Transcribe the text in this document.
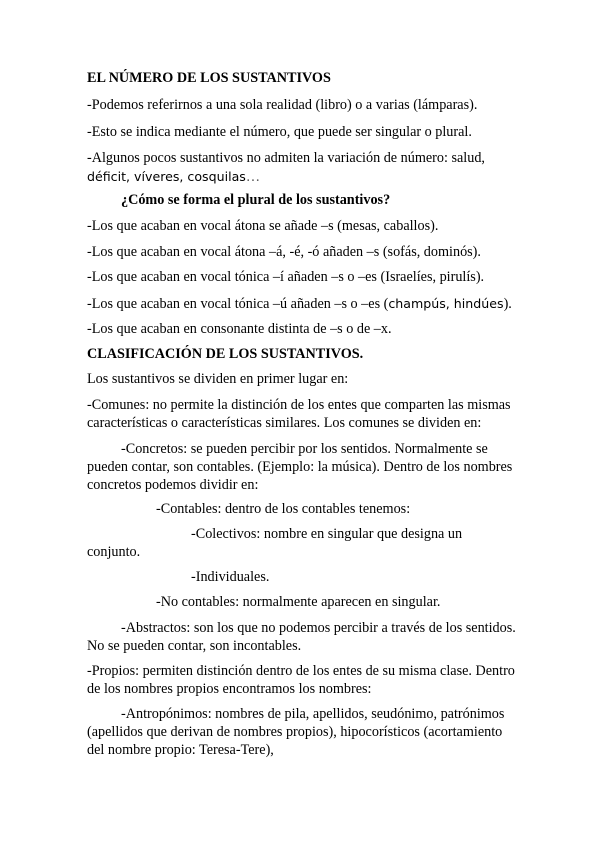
EL NÚMERO DE LOS SUSTANTIVOS
-Podemos referirnos a una sola realidad (libro) o a varias (lámparas).
-Esto se indica mediante el número, que puede ser singular o plural.
-Algunos pocos sustantivos no admiten la variación de número: salud,
déficit, víveres, cosquilas…
¿Cómo se forma el plural de los sustantivos?
-Los que acaban en vocal átona se añade –s (mesas, caballos).
-Los que acaban en vocal átona –á, -é, -ó añaden –s (sofás, dominós).
-Los que acaban en vocal tónica –í añaden –s o –es (Israelíes, pirulís).
-Los que acaban en vocal tónica –ú añaden –s o –es (champús, hindúes).
-Los que acaban en consonante distinta de –s o de –x.
CLASIFICACIÓN DE LOS SUSTANTIVOS.
Los sustantivos se dividen en primer lugar en:
-Comunes: no permite la distinción de los entes que comparten las mismas
características o características similares. Los comunes se dividen en:
-Concretos: se pueden percibir por los sentidos. Normalmente se
pueden contar, son contables. (Ejemplo: la música). Dentro de los nombres
concretos podemos dividir en:
-Contables: dentro de los contables tenemos:
-Colectivos: nombre en singular que designa un
conjunto.
-Individuales.
-No contables: normalmente aparecen en singular.
-Abstractos: son los que no podemos percibir a través de los sentidos.
No se pueden contar, son incontables.
-Propios: permiten distinción dentro de los entes de su misma clase. Dentro
de los nombres propios encontramos los nombres:
-Antropónimos: nombres de pila, apellidos, seudónimo, patrónimos
(apellidos que derivan de nombres propios), hipocorísticos (acortamiento
del nombre propio: Teresa-Tere),
